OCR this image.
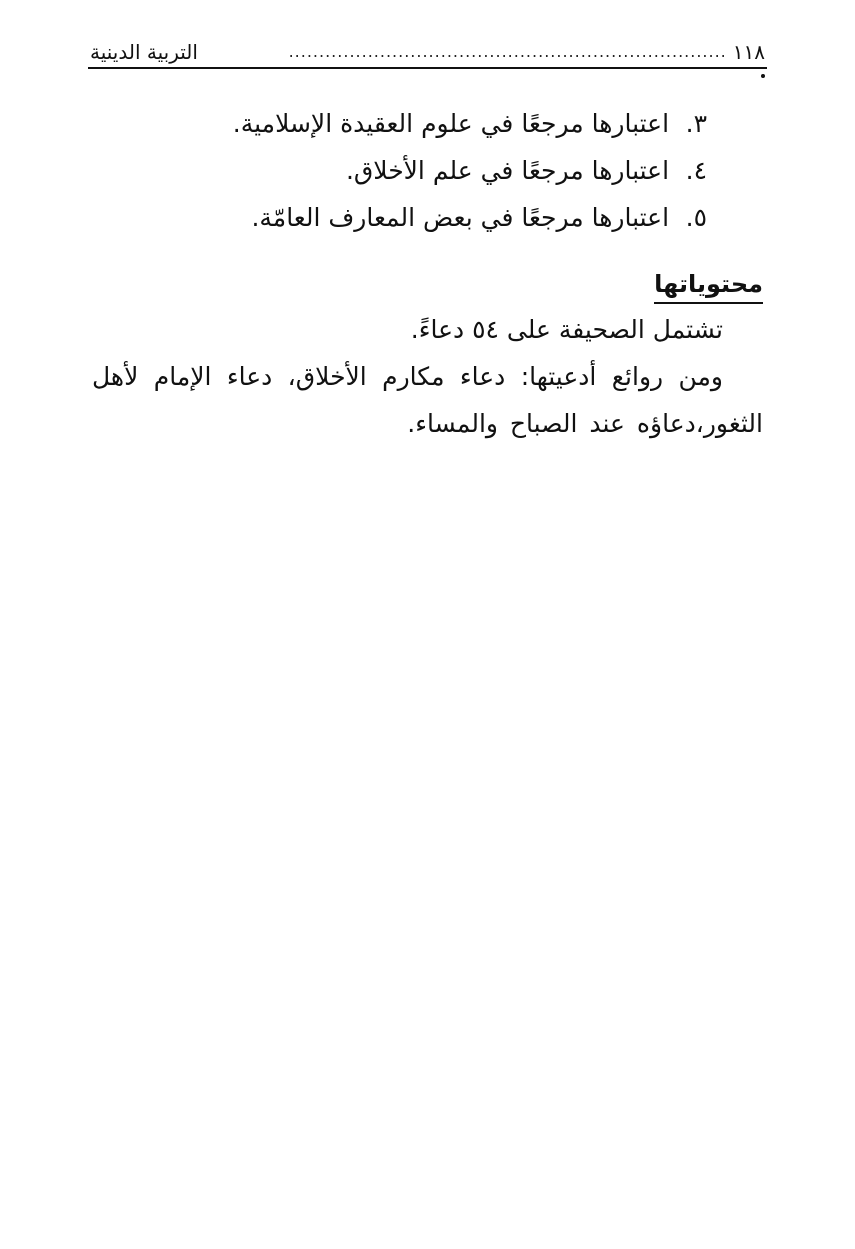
١١٨
........................................................................
التربية الدينية
٣. اعتبارها مرجعًا في علوم العقيدة الإسلامية.
٤. اعتبارها مرجعًا في علم الأخلاق.
٥. اعتبارها مرجعًا في بعض المعارف العامّة.
محتوياتها

تشتمل الصحيفة على ٥٤ دعاءً.

ومن روائع أدعيتها: دعاء مكارم الأخلاق، دعاء الإمام لأهل الثغور،دعاؤه عند الصباح والمساء.
